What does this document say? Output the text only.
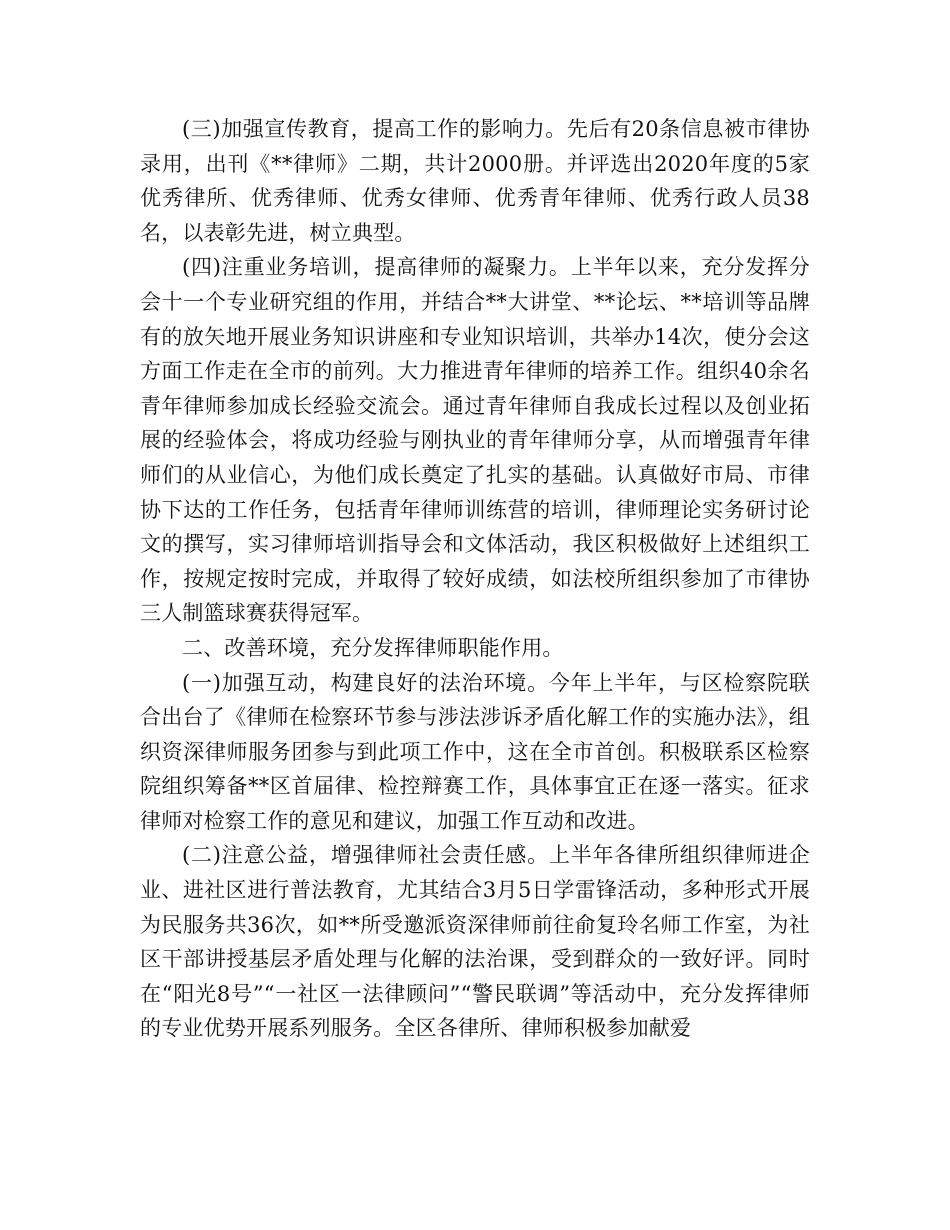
(三)加强宣传教育，提高工作的影响力。先后有20条信息被市律协录用，出刊《**律师》二期，共计2000册。并评选出2020年度的5家优秀律所、优秀律师、优秀女律师、优秀青年律师、优秀行政人员38名，以表彰先进，树立典型。

(四)注重业务培训，提高律师的凝聚力。上半年以来，充分发挥分会十一个专业研究组的作用，并结合**大讲堂、**论坛、**培训等品牌有的放矢地开展业务知识讲座和专业知识培训，共举办14次，使分会这方面工作走在全市的前列。大力推进青年律师的培养工作。组织40余名青年律师参加成长经验交流会。通过青年律师自我成长过程以及创业拓展的经验体会，将成功经验与刚执业的青年律师分享，从而增强青年律师们的从业信心，为他们成长奠定了扎实的基础。认真做好市局、市律协下达的工作任务，包括青年律师训练营的培训，律师理论实务研讨论文的撰写，实习律师培训指导会和文体活动，我区积极做好上述组织工作，按规定按时完成，并取得了较好成绩，如法校所组织参加了市律协三人制篮球赛获得冠军。

二、改善环境，充分发挥律师职能作用。

(一)加强互动，构建良好的法治环境。今年上半年，与区检察院联合出台了《律师在检察环节参与涉法涉诉矛盾化解工作的实施办法》，组织资深律师服务团参与到此项工作中，这在全市首创。积极联系区检察院组织筹备**区首届律、检控辩赛工作，具体事宜正在逐一落实。征求律师对检察工作的意见和建议，加强工作互动和改进。

(二)注意公益，增强律师社会责任感。上半年各律所组织律师进企业、进社区进行普法教育，尤其结合3月5日学雷锋活动，多种形式开展为民服务共36次，如**所受邀派资深律师前往俞复玲名师工作室，为社区干部讲授基层矛盾处理与化解的法治课，受到群众的一致好评。同时在“阳光8号”“一社区一法律顾问”“警民联调”等活动中，充分发挥律师的专业优势开展系列服务。全区各律所、律师积极参加献爱
